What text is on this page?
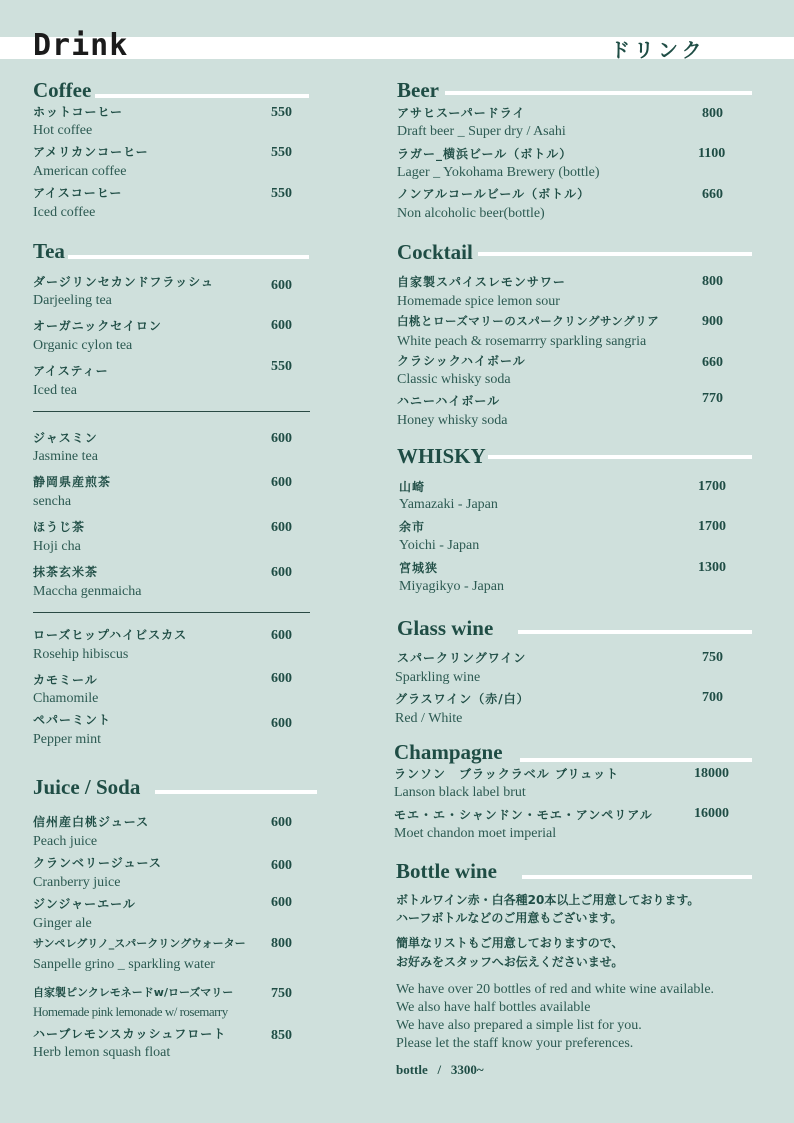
Drink	ドリンク
Coffee
ホットコーヒー	550
Hot coffee
アメリカンコーヒー	550
American coffee
アイスコーヒー	550
Iced coffee
Tea
ダージリンセカンドフラッシュ	600
Darjeeling tea
オーガニックセイロン	600
Organic cylon tea
アイスティー	550
Iced tea
ジャスミン	600
Jasmine tea
静岡県産煎茶	600
sencha
ほうじ茶	600
Hoji cha
抹茶玄米茶	600
Maccha genmaicha
ローズヒップハイビスカス	600
Rosehip hibiscus
カモミール	600
Chamomile
ペパーミント	600
Pepper mint
Juice / Soda
信州産白桃ジュース	600
Peach juice
クランベリージュース	600
Cranberry juice
ジンジャーエール	600
Ginger ale
サンペレグリノ_スパークリングウォーター 800
Sanpelle grino _ sparkling water
自家製ピンクレモネードw/ローズマリー	750
Homemade pink lemonade w/ rosemarry
ハーブレモンスカッシュフロート	850
Herb lemon squash float
Beer
アサヒスーパードライ	800
Draft beer _ Super dry / Asahi
ラガー_横浜ビール（ボトル）	1100
Lager _ Yokohama Brewery (bottle)
ノンアルコールビール（ボトル）	660
Non alcoholic beer(bottle)
Cocktail
自家製スパイスレモンサワー	800
Homemade spice lemon sour
白桃とローズマリーのスパークリングサングリア	900
White peach & rosemarrry sparkling sangria
クラシックハイボール	660
Classic whisky soda
ハニーハイボール	770
Honey whisky soda
WHISKY
山崎	1700
Yamazaki - Japan
余市	1700
Yoichi - Japan
宮城狭	1300
Miyagikyo - Japan
Glass wine
スパークリングワイン	750
Sparkling wine
グラスワイン（赤/白）	700
Red / White
Champagne
ランソン　ブラックラベル ブリュット	18000
Lanson black label brut
モエ・エ・シャンドン・モエ・アンペリアル	16000
Moet chandon moet imperial
Bottle wine
ボトルワイン赤・白各種20本以上ご用意しております。
ハーフボトルなどのご用意もございます。
簡単なリストもご用意しておりますので、
お好みをスタッフへお伝えくださいませ。
We have over 20 bottles of red and white wine available.
We also have half bottles available
We have also prepared a simple list for you.
Please let the staff know your preferences.
bottle   /   3300~
